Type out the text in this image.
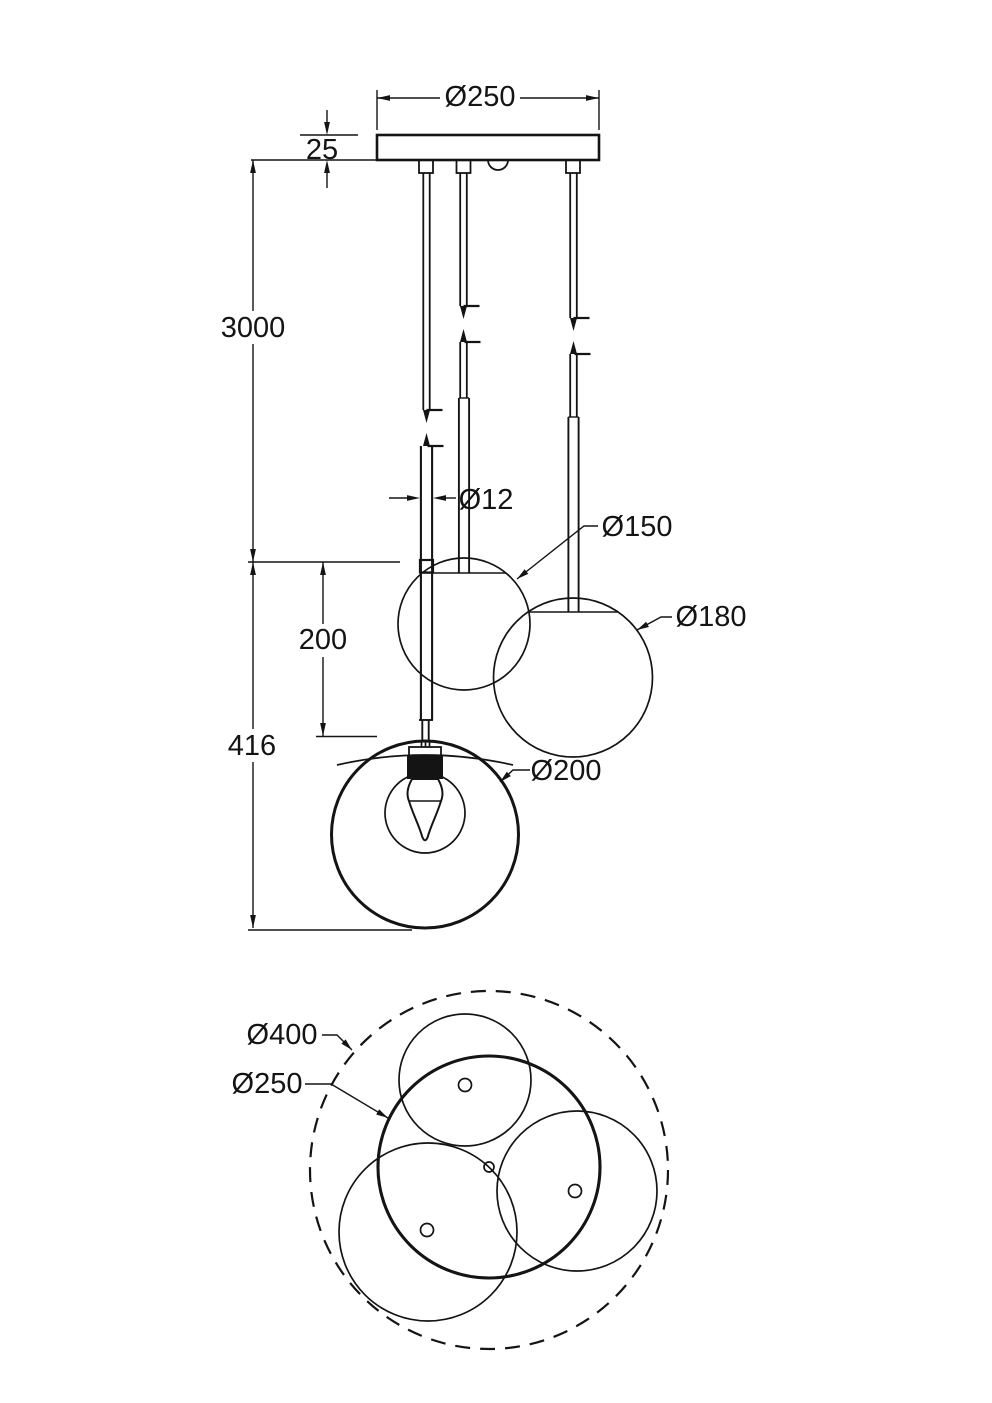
Ø250
25
3000
416
200
Ø12
Ø150
Ø180
Ø200
Ø400
Ø250
